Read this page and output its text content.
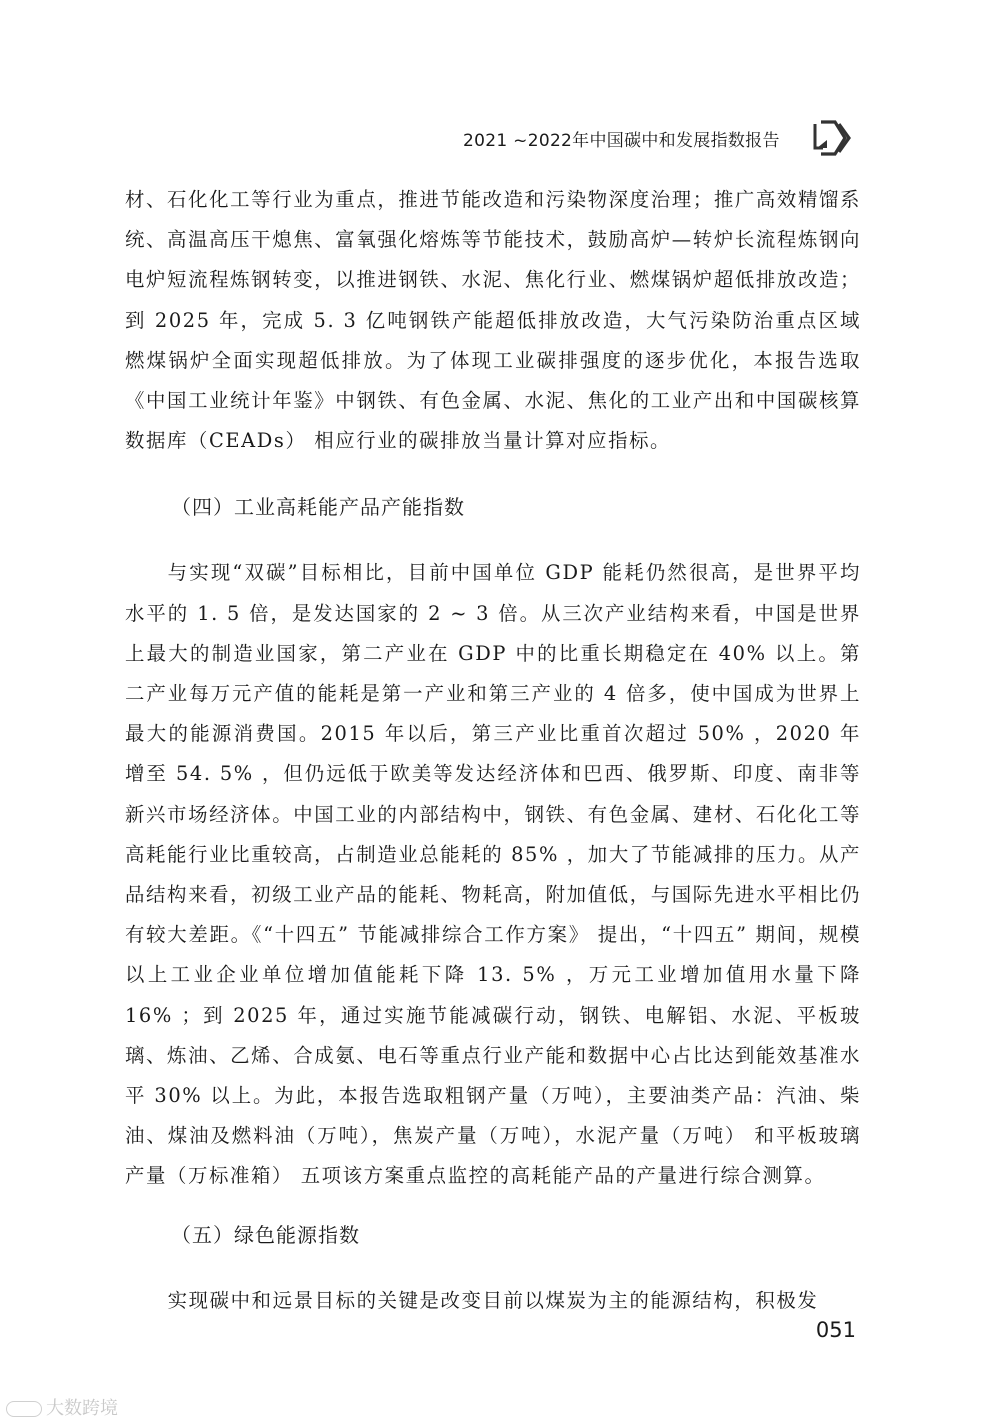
2021 ~2022年中国碳中和发展指数报告

材、石化化工等行业为重点，推进节能改造和污染物深度治理；推广高效精馏系统、高温高压干熄焦、富氧强化熔炼等节能技术，鼓励高炉—转炉长流程炼钢向电炉短流程炼钢转变，以推进钢铁、水泥、焦化行业、燃煤锅炉超低排放改造；到 2025 年，完成 5. 3 亿吨钢铁产能超低排放改造，大气污染防治重点区域燃煤锅炉全面实现超低排放。为了体现工业碳排强度的逐步优化，本报告选取《中国工业统计年鉴》中钢铁、有色金属、水泥、焦化的工业产出和中国碳核算数据库（CEADs） 相应行业的碳排放当量计算对应指标。

（四）工业高耗能产品产能指数

与实现“双碳”目标相比，目前中国单位 GDP 能耗仍然很高，是世界平均水平的 1. 5 倍，是发达国家的 2 ~ 3 倍。从三次产业结构来看，中国是世界上最大的制造业国家，第二产业在 GDP 中的比重长期稳定在 40% 以上。第二产业每万元产值的能耗是第一产业和第三产业的 4 倍多，使中国成为世界上最大的能源消费国。2015 年以后，第三产业比重首次超过 50% ，2020 年增至 54. 5% ，但仍远低于欧美等发达经济体和巴西、俄罗斯、印度、南非等新兴市场经济体。中国工业的内部结构中，钢铁、有色金属、建材、石化化工等高耗能行业比重较高，占制造业总能耗的 85% ，加大了节能减排的压力。从产品结构来看，初级工业产品的能耗、物耗高，附加值低，与国际先进水平相比仍有较大差距。《“十四五” 节能减排综合工作方案》 提出，“十四五” 期间，规模以上工业企业单位增加值能耗下降 13. 5% ，万元工业增加值用水量下降 16% ；到 2025 年，通过实施节能减碳行动，钢铁、电解铝、水泥、平板玻璃、炼油、乙烯、合成氨、电石等重点行业产能和数据中心占比达到能效基准水平 30% 以上。为此，本报告选取粗钢产量（万吨），主要油类产品：汽油、柴油、煤油及燃料油（万吨），焦炭产量（万吨），水泥产量（万吨） 和平板玻璃产量（万标准箱） 五项该方案重点监控的高耗能产品的产量进行综合测算。

（五）绿色能源指数

实现碳中和远景目标的关键是改变目前以煤炭为主的能源结构，积极发

051
大数跨境
